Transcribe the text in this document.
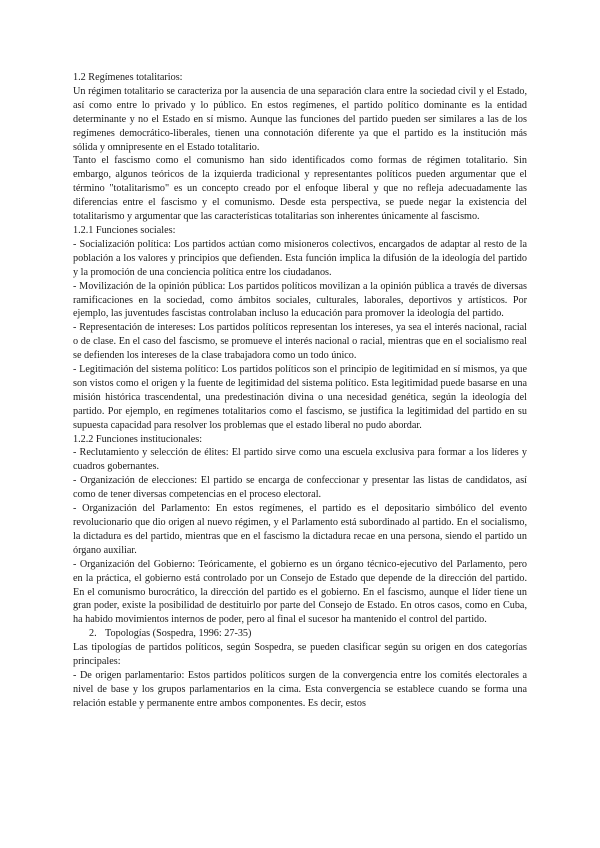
1.2 Regímenes totalitarios:

Un régimen totalitario se caracteriza por la ausencia de una separación clara entre la sociedad civil y el Estado, así como entre lo privado y lo público. En estos regímenes, el partido político dominante es la entidad determinante y no el Estado en sí mismo. Aunque las funciones del partido pueden ser similares a las de los regímenes democrático-liberales, tienen una connotación diferente ya que el partido es la institución más sólida y omnipresente en el Estado totalitario.

Tanto el fascismo como el comunismo han sido identificados como formas de régimen totalitario. Sin embargo, algunos teóricos de la izquierda tradicional y representantes políticos pueden argumentar que el término "totalitarismo" es un concepto creado por el enfoque liberal y que no refleja adecuadamente las diferencias entre el fascismo y el comunismo. Desde esta perspectiva, se puede negar la existencia del totalitarismo y argumentar que las características totalitarias son inherentes únicamente al fascismo.

1.2.1 Funciones sociales:

- Socialización política: Los partidos actúan como misioneros colectivos, encargados de adaptar al resto de la población a los valores y principios que defienden. Esta función implica la difusión de la ideología del partido y la promoción de una conciencia política entre los ciudadanos.

- Movilización de la opinión pública: Los partidos políticos movilizan a la opinión pública a través de diversas ramificaciones en la sociedad, como ámbitos sociales, culturales, laborales, deportivos y artísticos. Por ejemplo, las juventudes fascistas controlaban incluso la educación para promover la ideología del partido.

- Representación de intereses: Los partidos políticos representan los intereses, ya sea el interés nacional, racial o de clase. En el caso del fascismo, se promueve el interés nacional o racial, mientras que en el socialismo real se defienden los intereses de la clase trabajadora como un todo único.

- Legitimación del sistema político: Los partidos políticos son el principio de legitimidad en sí mismos, ya que son vistos como el origen y la fuente de legitimidad del sistema político. Esta legitimidad puede basarse en una misión histórica trascendental, una predestinación divina o una necesidad genética, según la ideología del partido. Por ejemplo, en regímenes totalitarios como el fascismo, se justifica la legitimidad del partido en su supuesta capacidad para resolver los problemas que el estado liberal no pudo abordar.

1.2.2 Funciones institucionales:

- Reclutamiento y selección de élites: El partido sirve como una escuela exclusiva para formar a los líderes y cuadros gobernantes.

- Organización de elecciones: El partido se encarga de confeccionar y presentar las listas de candidatos, así como de tener diversas competencias en el proceso electoral.

- Organización del Parlamento: En estos regímenes, el partido es el depositario simbólico del evento revolucionario que dio origen al nuevo régimen, y el Parlamento está subordinado al partido. En el socialismo, la dictadura es del partido, mientras que en el fascismo la dictadura recae en una persona, siendo el partido un órgano auxiliar.

- Organización del Gobierno: Teóricamente, el gobierno es un órgano técnico-ejecutivo del Parlamento, pero en la práctica, el gobierno está controlado por un Consejo de Estado que depende de la dirección del partido. En el comunismo burocrático, la dirección del partido es el gobierno. En el fascismo, aunque el líder tiene un gran poder, existe la posibilidad de destituirlo por parte del Consejo de Estado. En otros casos, como en Cuba, ha habido movimientos internos de poder, pero al final el sucesor ha mantenido el control del partido.

2. Topologías (Sospedra, 1996: 27-35)

Las tipologías de partidos políticos, según Sospedra, se pueden clasificar según su origen en dos categorías principales:

- De origen parlamentario: Estos partidos políticos surgen de la convergencia entre los comités electorales a nivel de base y los grupos parlamentarios en la cima. Esta convergencia se establece cuando se forma una relación estable y permanente entre ambos componentes. Es decir, estos
